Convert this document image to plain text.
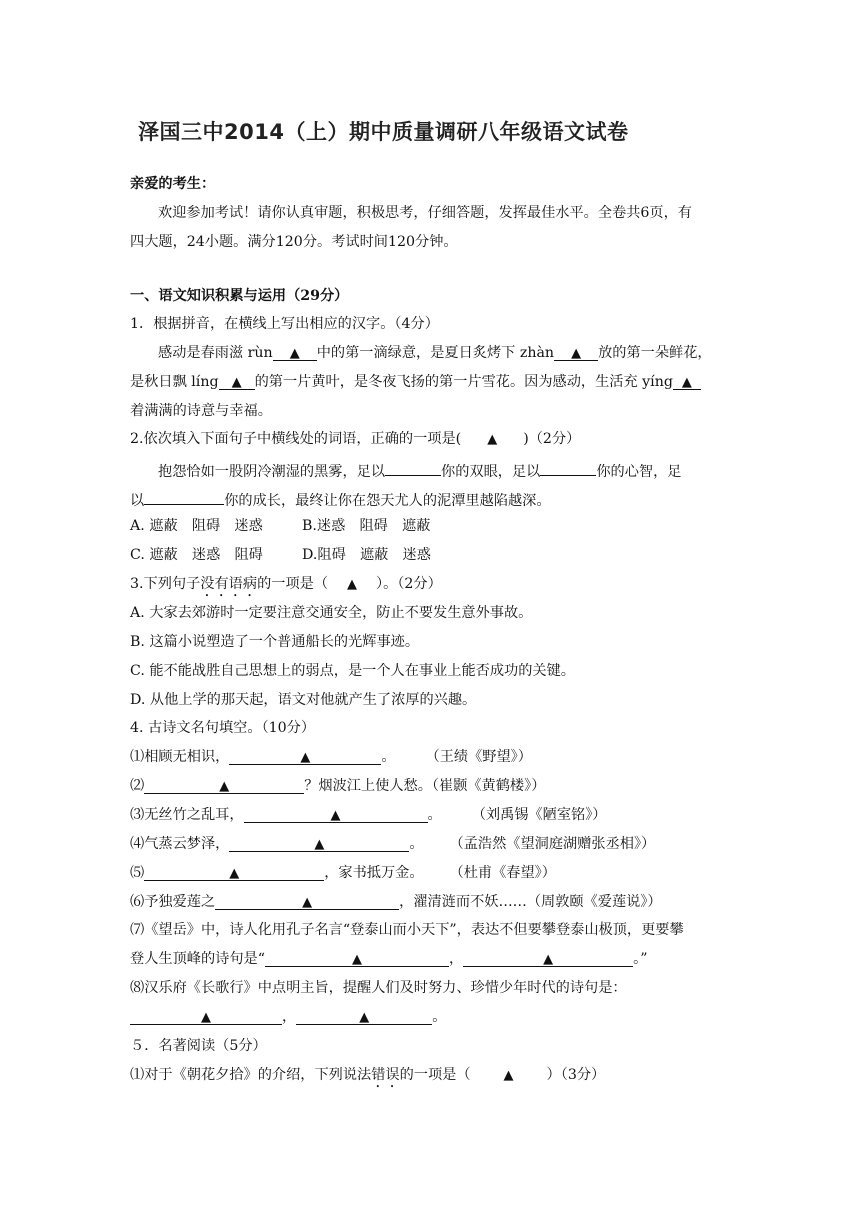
泽国三中2014（上）期中质量调研八年级语文试卷
亲爱的考生：
欢迎参加考试！请你认真审题，积极思考，仔细答题，发挥最佳水平。全卷共6页，有
四大题，24小题。满分120分。考试时间120分钟。
一、语文知识积累与运用（29分）
1．根据拼音，在横线上写出相应的汉字。（4分）
感动是春雨滋 rùn ▲ 中的第一滴绿意，是夏日炙烤下 zhàn ▲ 放的第一朵鲜花，
是秋日飘 líng ▲ 的第一片黄叶，是冬夜飞扬的第一片雪花。因为感动，生活充 yíng ▲
着满满的诗意与幸福。
2.依次填入下面句子中横线处的词语，正确的一项是( ▲ )（2分）
抱怨恰如一股阴冷潮湿的黑雾，足以	你的双眼，足以	你的心智，足
以	你的成长，最终让你在怨天尤人的泥潭里越陷越深。
A. 遮蔽　阻碍　迷惑	B.迷惑　阻碍　遮蔽
C. 遮蔽　迷惑　阻碍	D.阻碍　遮蔽　迷惑
3.下列句子没有语病的一项是（ ▲ ）。（2分）
A. 大家去郊游时一定要注意交通安全，防止不要发生意外事故。
B. 这篇小说塑造了一个普通船长的光辉事迹。
C. 能不能战胜自己思想上的弱点，是一个人在事业上能否成功的关键。
D. 从他上学的那天起，语文对他就产生了浓厚的兴趣。
4. 古诗文名句填空。（10分）
⑴相顾无相识，	▲	。 （王绩《野望》）
⑵	▲	？烟波江上使人愁。（崔颢《黄鹤楼》）
⑶无丝竹之乱耳，	▲	。 （刘禹锡《陋室铭》）
⑷气蒸云梦泽，	▲	。 （孟浩然《望洞庭湖赠张丞相》）
⑸	▲	，家书抵万金。 （杜甫《春望》）
⑹予独爱莲之	▲	，濯清涟而不妖……（周敦颐《爱莲说》）
⑺《望岳》中，诗人化用孔子名言“登泰山而小天下”，表达不但要攀登泰山极顶，更要攀
登人生顶峰的诗句是“	▲	，	▲	。”
⑻汉乐府《长歌行》中点明主旨，提醒人们及时努力、珍惜少年时代的诗句是：
▲	，	▲	。
５．名著阅读（5分）
⑴对于《朝花夕拾》的介绍，下列说法错误的一项是（	▲ ）（3分）
